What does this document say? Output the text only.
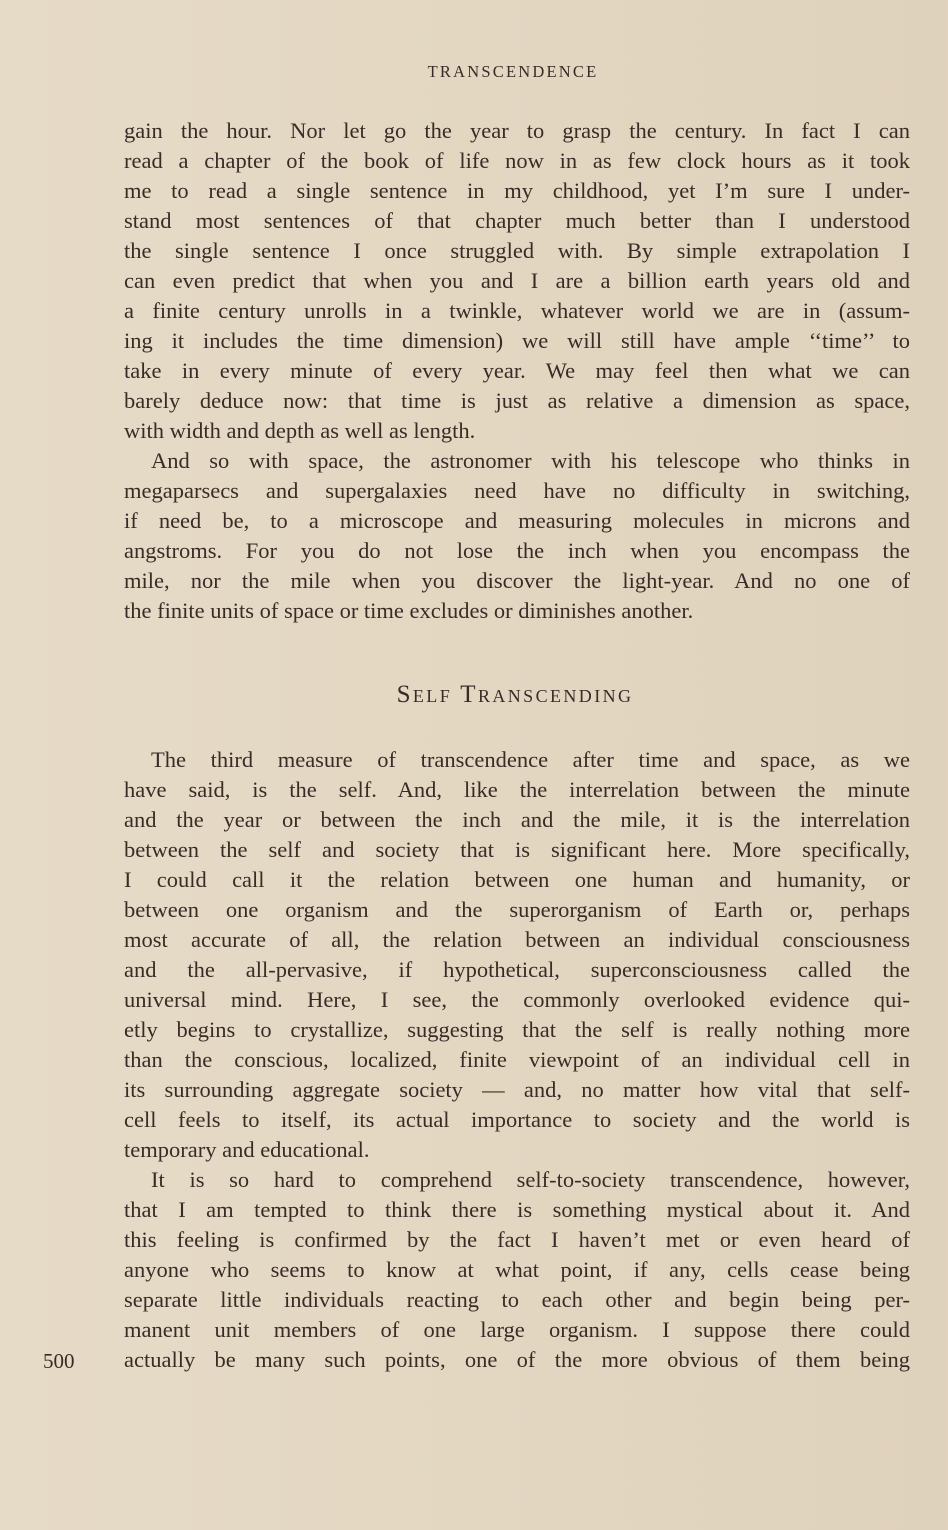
TRANSCENDENCE
gain the hour. Nor let go the year to grasp the century. In fact I can
read a chapter of the book of life now in as few clock hours as it took
me to read a single sentence in my childhood, yet I’m sure I under-
stand most sentences of that chapter much better than I understood
the single sentence I once struggled with. By simple extrapolation I
can even predict that when you and I are a billion earth years old and
a finite century unrolls in a twinkle, whatever world we are in (assum-
ing it includes the time dimension) we will still have ample ‘‘time’’ to
take in every minute of every year. We may feel then what we can
barely deduce now: that time is just as relative a dimension as space,
with width and depth as well as length.
And so with space, the astronomer with his telescope who thinks in
megaparsecs and supergalaxies need have no difficulty in switching,
if need be, to a microscope and measuring molecules in microns and
angstroms. For you do not lose the inch when you encompass the
mile, nor the mile when you discover the light-year. And no one of
the finite units of space or time excludes or diminishes another.
Self Transcending
The third measure of transcendence after time and space, as we
have said, is the self. And, like the interrelation between the minute
and the year or between the inch and the mile, it is the interrelation
between the self and society that is significant here. More specifically,
I could call it the relation between one human and humanity, or
between one organism and the superorganism of Earth or, perhaps
most accurate of all, the relation between an individual consciousness
and the all-pervasive, if hypothetical, superconsciousness called the
universal mind. Here, I see, the commonly overlooked evidence qui-
etly begins to crystallize, suggesting that the self is really nothing more
than the conscious, localized, finite viewpoint of an individual cell in
its surrounding aggregate society — and, no matter how vital that self-
cell feels to itself, its actual importance to society and the world is
temporary and educational.
It is so hard to comprehend self-to-society transcendence, however,
that I am tempted to think there is something mystical about it. And
this feeling is confirmed by the fact I haven’t met or even heard of
anyone who seems to know at what point, if any, cells cease being
separate little individuals reacting to each other and begin being per-
manent unit members of one large organism. I suppose there could
actually be many such points, one of the more obvious of them being
500
